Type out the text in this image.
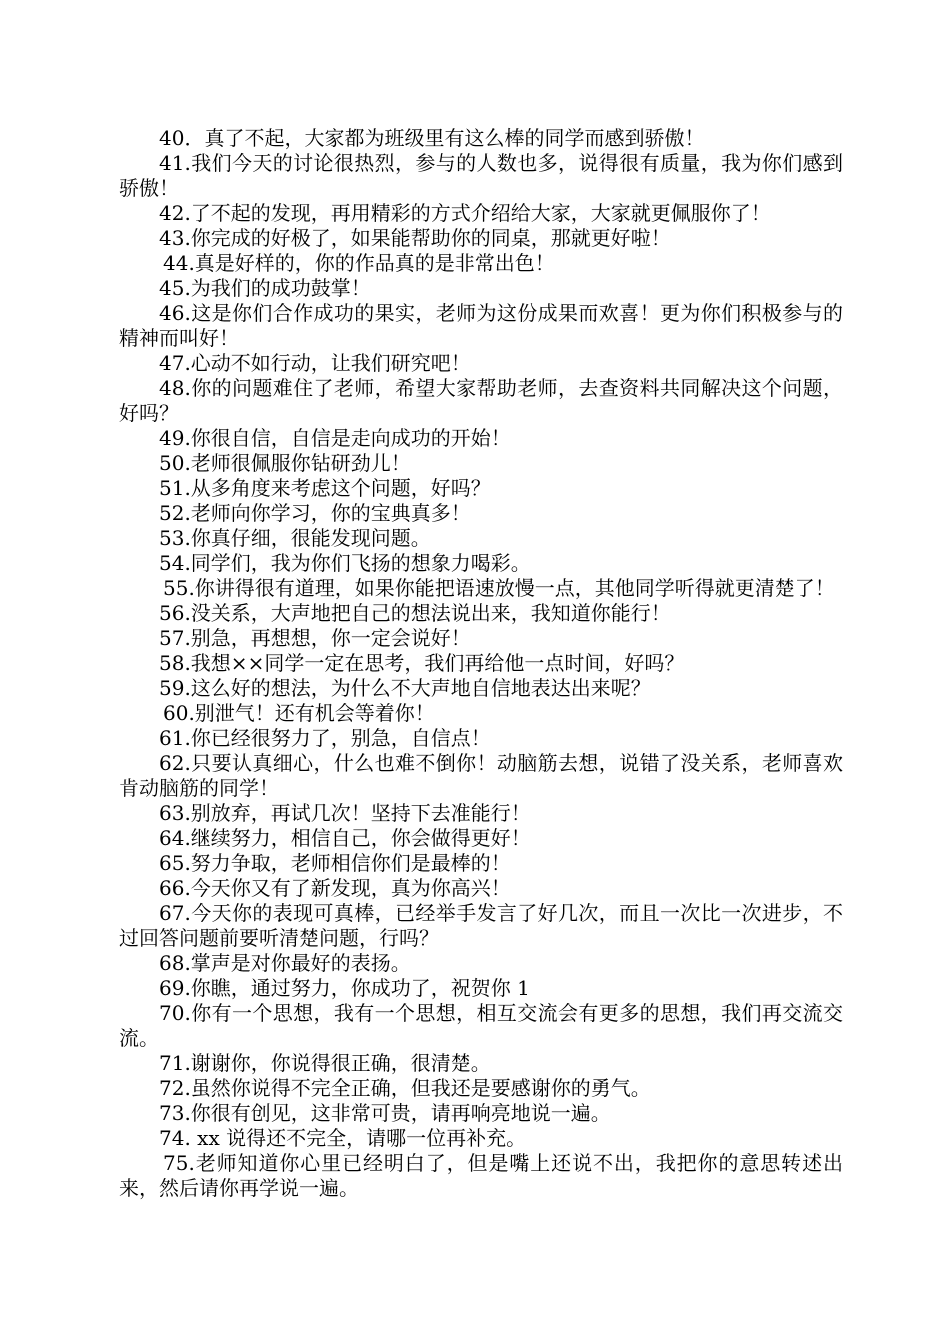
40．真了不起，大家都为班级里有这么棒的同学而感到骄傲！

41.我们今天的讨论很热烈，参与的人数也多，说得很有质量，我为你们感到骄傲！

42.了不起的发现，再用精彩的方式介绍给大家，大家就更佩服你了！

43.你完成的好极了，如果能帮助你的同桌，那就更好啦！

44.真是好样的，你的作品真的是非常出色！

45.为我们的成功鼓掌！

46.这是你们合作成功的果实，老师为这份成果而欢喜！更为你们积极参与的精神而叫好！

47.心动不如行动，让我们研究吧！

48.你的问题难住了老师，希望大家帮助老师，去查资料共同解决这个问题，好吗？

49.你很自信，自信是走向成功的开始！

50.老师很佩服你钻研劲儿！

51.从多角度来考虑这个问题，好吗？

52.老师向你学习，你的宝典真多！

53.你真仔细，很能发现问题。

54.同学们，我为你们飞扬的想象力喝彩。

55.你讲得很有道理，如果你能把语速放慢一点，其他同学听得就更清楚了！

56.没关系，大声地把自己的想法说出来，我知道你能行！

57.别急，再想想，你一定会说好！

58.我想××同学一定在思考，我们再给他一点时间，好吗？

59.这么好的想法，为什么不大声地自信地表达出来呢？

60.别泄气！还有机会等着你！

61.你已经很努力了，别急，自信点！

62.只要认真细心，什么也难不倒你！动脑筋去想，说错了没关系，老师喜欢肯动脑筋的同学！

63.别放弃，再试几次！坚持下去准能行！

64.继续努力，相信自己，你会做得更好！

65.努力争取，老师相信你们是最棒的！

66.今天你又有了新发现，真为你高兴！

67.今天你的表现可真棒，已经举手发言了好几次，而且一次比一次进步，不过回答问题前要听清楚问题，行吗？

68.掌声是对你最好的表扬。

69.你瞧，通过努力，你成功了，祝贺你 1

70.你有一个思想，我有一个思想，相互交流会有更多的思想，我们再交流交流。

71.谢谢你，你说得很正确，很清楚。

72.虽然你说得不完全正确，但我还是要感谢你的勇气。

73.你很有创见，这非常可贵，请再响亮地说一遍。

74. xx 说得还不完全，请哪一位再补充。

75.老师知道你心里已经明白了，但是嘴上还说不出，我把你的意思转述出来，然后请你再学说一遍。
